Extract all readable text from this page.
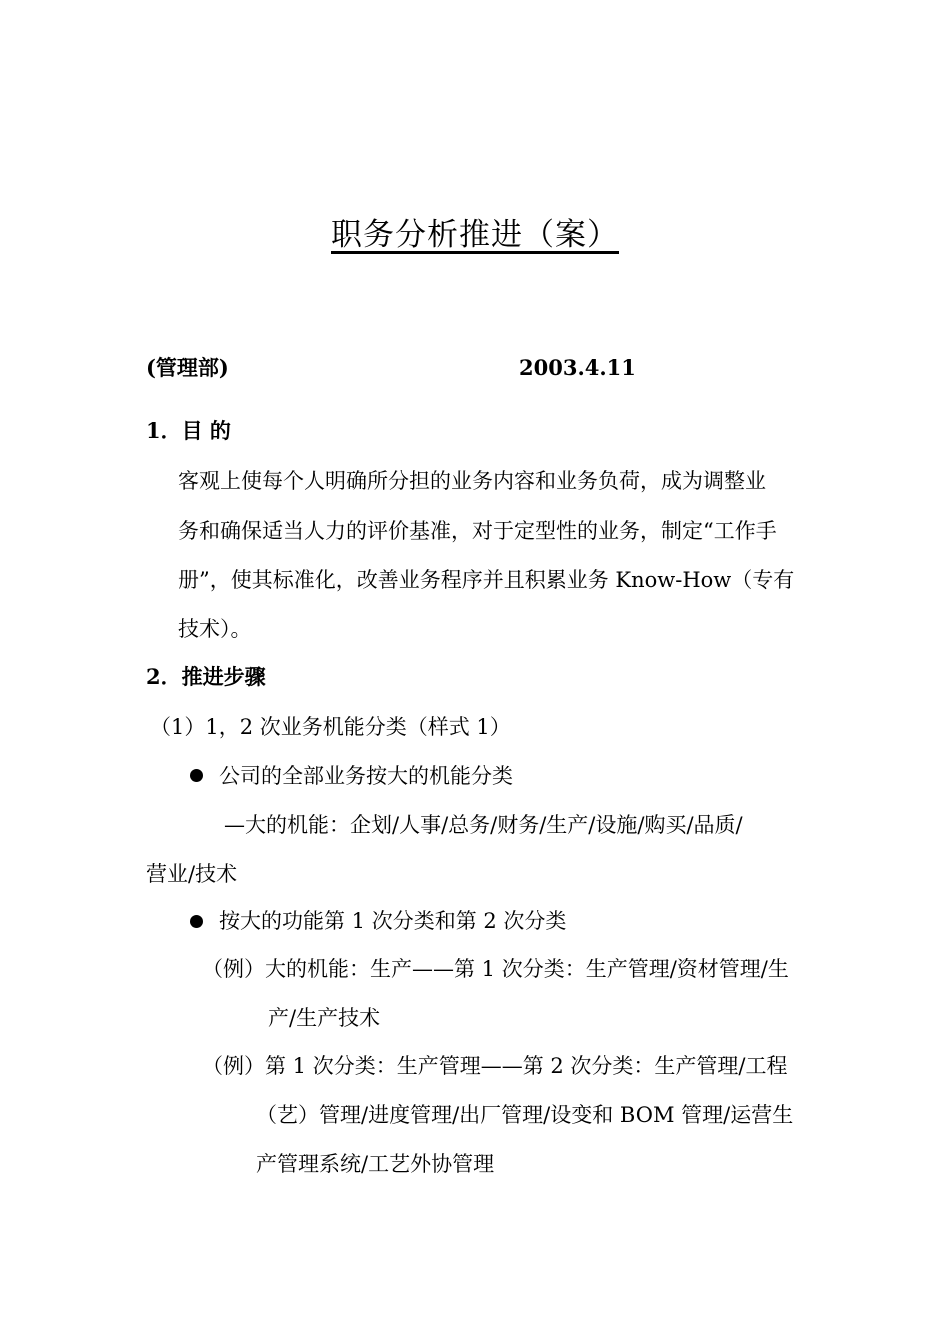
职务分析推进（案）
(管理部)	2003.4.11
1．目 的
客观上使每个人明确所分担的业务内容和业务负荷，成为调整业
务和确保适当人力的评价基准，对于定型性的业务，制定“工作手
册”，使其标准化，改善业务程序并且积累业务 Know-How（专有
技术）。
2．推进步骤
（1）1，2 次业务机能分类（样式 1）
公司的全部业务按大的机能分类
—大的机能：企划/人事/总务/财务/生产/设施/购买/品质/
营业/技术
按大的功能第 1 次分类和第 2 次分类
（例）大的机能：生产——第 1 次分类：生产管理/资材管理/生
产/生产技术
（例）第 1 次分类：生产管理——第 2 次分类：生产管理/工程
（艺）管理/进度管理/出厂管理/设变和 BOM 管理/运营生
产管理系统/工艺外协管理
